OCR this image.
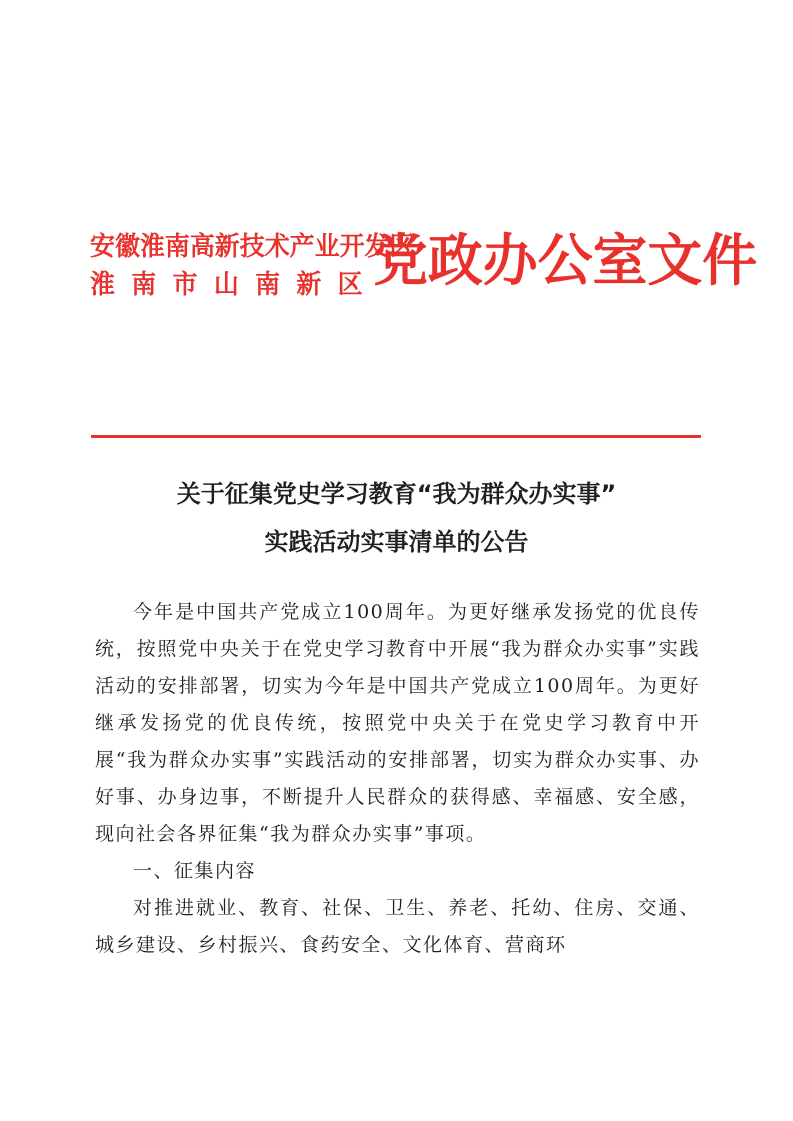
安徽淮南高新技术产业开发区
淮南市山南新区
党政办公室文件
关于征集党史学习教育“我为群众办实事”
实践活动实事清单的公告

今年是中国共产党成立100周年。为更好继承发扬党的优良传统，按照党中央关于在党史学习教育中开展“我为群众办实事”实践活动的安排部署，切实为今年是中国共产党成立100周年。为更好继承发扬党的优良传统，按照党中央关于在党史学习教育中开展“我为群众办实事”实践活动的安排部署，切实为群众办实事、办好事、办身边事，不断提升人民群众的获得感、幸福感、安全感，现向社会各界征集“我为群众办实事”事项。

一、征集内容

对推进就业、教育、社保、卫生、养老、托幼、住房、交通、城乡建设、乡村振兴、食药安全、文化体育、营商环
